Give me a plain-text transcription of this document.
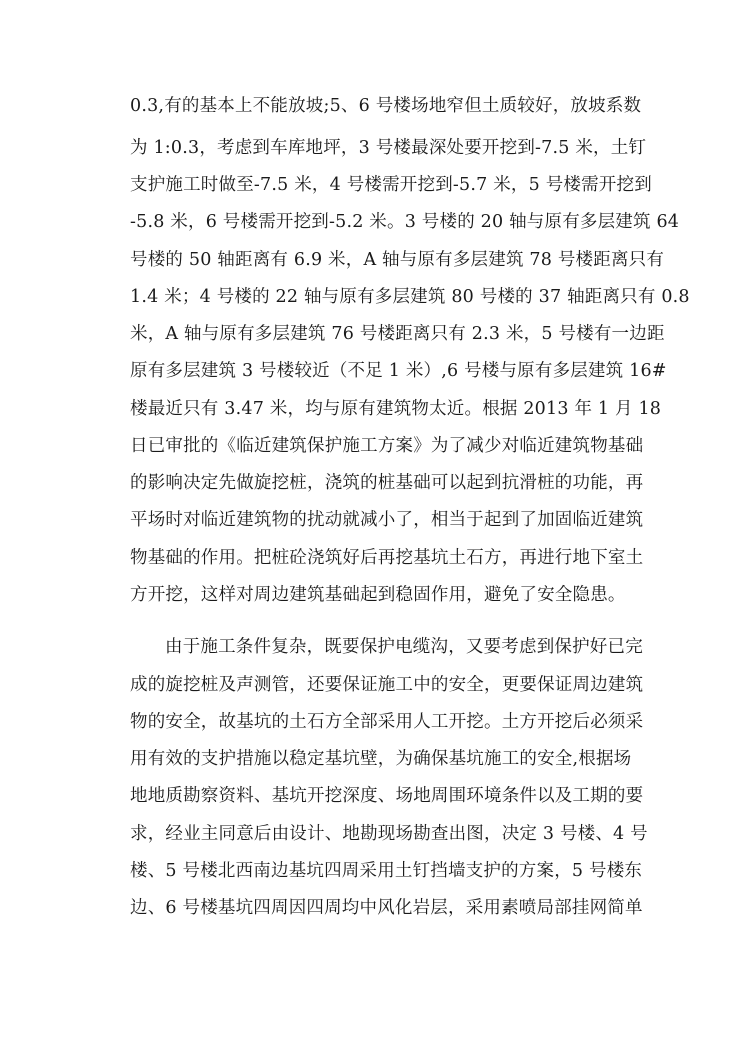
0.3,有的基本上不能放坡;5、6 号楼场地窄但土质较好，放坡系数
为 1:0.3，考虑到车库地坪，3 号楼最深处要开挖到-7.5 米，土钉
支护施工时做至-7.5 米，4 号楼需开挖到-5.7 米，5 号楼需开挖到
-5.8 米，6 号楼需开挖到-5.2 米。3 号楼的 20 轴与原有多层建筑 64
号楼的 50 轴距离有 6.9 米，A 轴与原有多层建筑 78 号楼距离只有
1.4 米；4 号楼的 22 轴与原有多层建筑 80 号楼的 37 轴距离只有 0.8
米，A 轴与原有多层建筑 76 号楼距离只有 2.3 米，5 号楼有一边距
原有多层建筑 3 号楼较近（不足 1 米）,6 号楼与原有多层建筑 16#
楼最近只有 3.47 米，均与原有建筑物太近。根据 2013 年 1 月 18
日已审批的《临近建筑保护施工方案》为了减少对临近建筑物基础
的影响决定先做旋挖桩，浇筑的桩基础可以起到抗滑桩的功能，再
平场时对临近建筑物的扰动就减小了，相当于起到了加固临近建筑
物基础的作用。把桩砼浇筑好后再挖基坑土石方，再进行地下室土
方开挖，这样对周边建筑基础起到稳固作用，避免了安全隐患。
由于施工条件复杂，既要保护电缆沟，又要考虑到保护好已完
成的旋挖桩及声测管，还要保证施工中的安全，更要保证周边建筑
物的安全，故基坑的土石方全部采用人工开挖。土方开挖后必须采
用有效的支护措施以稳定基坑壁，为确保基坑施工的安全,根据场
地地质勘察资料、基坑开挖深度、场地周围环境条件以及工期的要
求，经业主同意后由设计、地勘现场勘查出图，决定 3 号楼、4 号
楼、5 号楼北西南边基坑四周采用土钉挡墙支护的方案，5 号楼东
边、6 号楼基坑四周因四周均中风化岩层，采用素喷局部挂网简单
